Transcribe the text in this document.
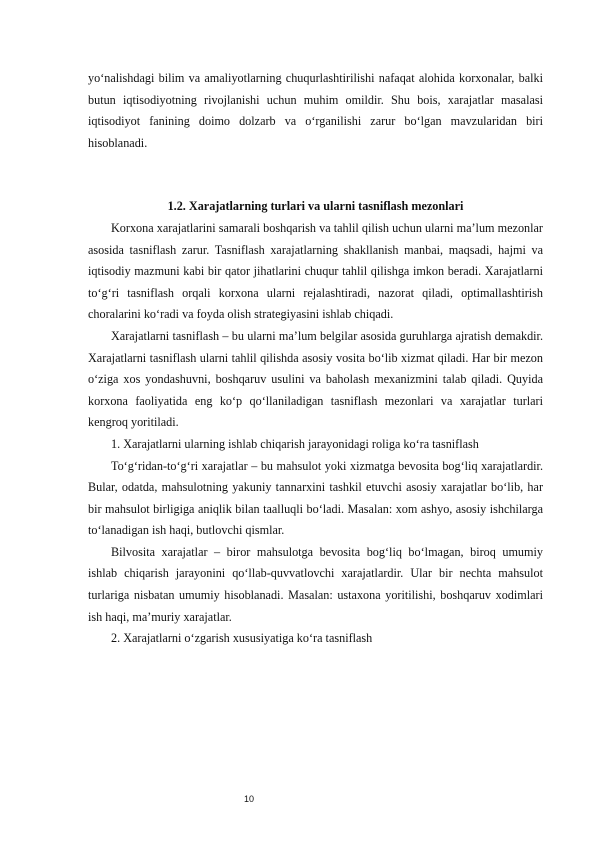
yo‘nalishdagi bilim va amaliyotlarning chuqurlashtirilishi nafaqat alohida korxonalar, balki butun iqtisodiyotning rivojlanishi uchun muhim omildir. Shu bois, xarajatlar masalasi iqtisodiyot fanining doimo dolzarb va o‘rganilishi zarur bo‘lgan mavzularidan biri hisoblanadi.

1.2. Xarajatlarning turlari va ularni tasniflash mezonlari

Korxona xarajatlarini samarali boshqarish va tahlil qilish uchun ularni ma’lum mezonlar asosida tasniflash zarur. Tasniflash xarajatlarning shakllanish manbai, maqsadi, hajmi va iqtisodiy mazmuni kabi bir qator jihatlarini chuqur tahlil qilishga imkon beradi. Xarajatlarni to‘g‘ri tasniflash orqali korxona ularni rejalashtiradi, nazorat qiladi, optimallashtirish choralarini ko‘radi va foyda olish strategiyasini ishlab chiqadi.

Xarajatlarni tasniflash – bu ularni ma’lum belgilar asosida guruhlarga ajratish demakdir. Xarajatlarni tasniflash ularni tahlil qilishda asosiy vosita bo‘lib xizmat qiladi. Har bir mezon o‘ziga xos yondashuvni, boshqaruv usulini va baholash mexanizmini talab qiladi. Quyida korxona faoliyatida eng ko‘p qo‘llaniladigan tasniflash mezonlari va xarajatlar turlari kengroq yoritiladi.

1. Xarajatlarni ularning ishlab chiqarish jarayonidagi roliga ko‘ra tasniflash

To‘g‘ridan-to‘g‘ri xarajatlar – bu mahsulot yoki xizmatga bevosita bog‘liq xarajatlardir. Bular, odatda, mahsulotning yakuniy tannarxini tashkil etuvchi asosiy xarajatlar bo‘lib, har bir mahsulot birligiga aniqlik bilan taalluqli bo‘ladi. Masalan: xom ashyo, asosiy ishchilarga to‘lanadigan ish haqi, butlovchi qismlar.

Bilvosita xarajatlar – biror mahsulotga bevosita bog‘liq bo‘lmagan, biroq umumiy ishlab chiqarish jarayonini qo‘llab-quvvatlovchi xarajatlardir. Ular bir nechta mahsulot turlariga nisbatan umumiy hisoblanadi. Masalan: ustaxona yoritilishi, boshqaruv xodimlari ish haqi, ma’muriy xarajatlar.

2. Xarajatlarni o‘zgarish xususiyatiga ko‘ra tasniflash

10
